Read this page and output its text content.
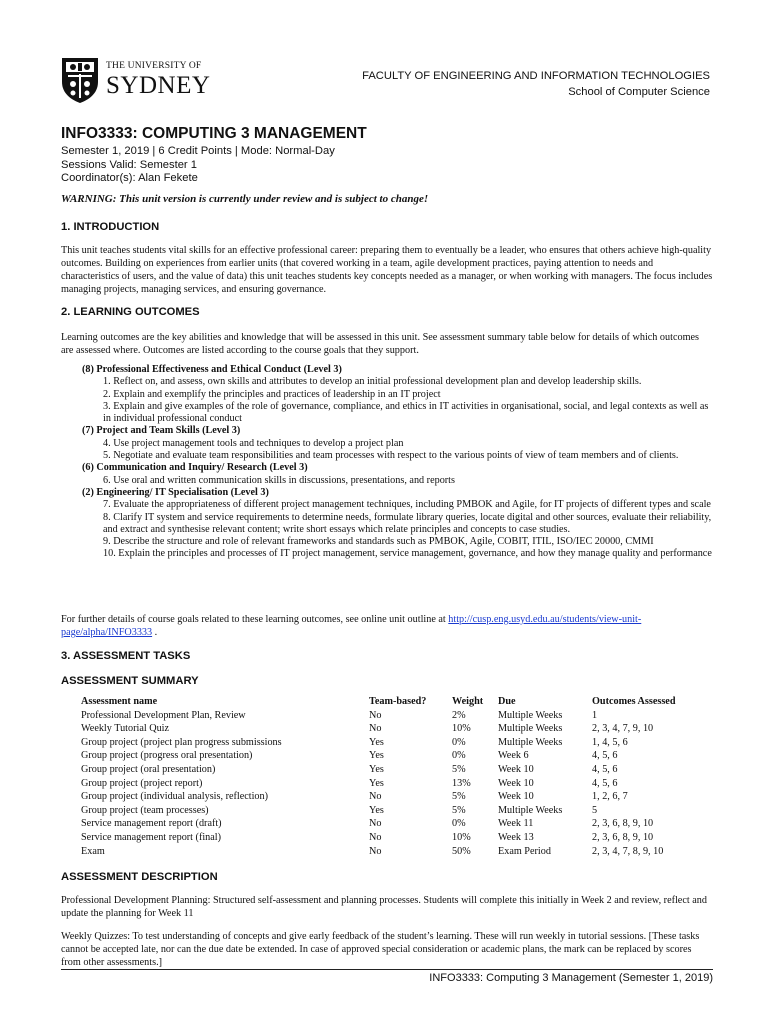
THE UNIVERSITY OF
SYDNEY	FACULTY OF ENGINEERING AND INFORMATION TECHNOLOGIES
School of Computer Science
INFO3333: COMPUTING 3 MANAGEMENT
Semester 1, 2019 | 6 Credit Points | Mode: Normal-Day
Sessions Valid: Semester 1
Coordinator(s): Alan Fekete
WARNING: This unit version is currently under review and is subject to change!
1. INTRODUCTION
This unit teaches students vital skills for an effective professional career: preparing them to eventually be a leader, who ensures that others achieve high-quality outcomes. Building on experiences from earlier units (that covered working in a team, agile development practices, paying attention to needs and characteristics of users, and the value of data) this unit teaches students key concepts needed as a manager, or when working with managers. The focus includes managing projects, managing services, and ensuring governance.
2. LEARNING OUTCOMES
Learning outcomes are the key abilities and knowledge that will be assessed in this unit. See assessment summary table below for details of which outcomes are assessed where. Outcomes are listed according to the course goals that they support.
(8) Professional Effectiveness and Ethical Conduct (Level 3)
1. Reflect on, and assess, own skills and attributes to develop an initial professional development plan and develop leadership skills.
2. Explain and exemplify the principles and practices of leadership in an IT project
3. Explain and give examples of the role of governance, compliance, and ethics in IT activities in organisational, social, and legal contexts as well as in individual professional conduct
(7) Project and Team Skills (Level 3)
4. Use project management tools and techniques to develop a project plan
5. Negotiate and evaluate team responsibilities and team processes with respect to the various points of view of team members and of clients.
(6) Communication and Inquiry/ Research (Level 3)
6. Use oral and written communication skills in discussions, presentations, and reports
(2) Engineering/ IT Specialisation (Level 3)
7. Evaluate the appropriateness of different project management techniques, including PMBOK and Agile, for IT projects of different types and scale
8. Clarify IT system and service requirements to determine needs, formulate library queries, locate digital and other sources, evaluate their reliability, and extract and synthesise relevant content; write short essays which relate principles and concepts to case studies.
9. Describe the structure and role of relevant frameworks and standards such as PMBOK, Agile, COBIT, ITIL, ISO/IEC 20000, CMMI
10. Explain the principles and processes of IT project management, service management, governance, and how they manage quality and performance
For further details of course goals related to these learning outcomes, see online unit outline at http://cusp.eng.usyd.edu.au/students/view-unit-page/alpha/INFO3333 .
3. ASSESSMENT TASKS
ASSESSMENT SUMMARY
Assessment name	Team-based?	Weight	Due	Outcomes Assessed
Professional Development Plan, Review	No	2%	Multiple Weeks	1
Weekly Tutorial Quiz	No	10%	Multiple Weeks	2, 3, 4, 7, 9, 10
Group project (project plan progress submissions	Yes	0%	Multiple Weeks	1, 4, 5, 6
Group project (progress oral presentation)	Yes	0%	Week 6	4, 5, 6
Group project (oral presentation)	Yes	5%	Week 10	4, 5, 6
Group project (project report)	Yes	13%	Week 10	4, 5, 6
Group project (individual analysis, reflection)	No	5%	Week 10	1, 2, 6, 7
Group project (team processes)	Yes	5%	Multiple Weeks	5
Service management report (draft)	No	0%	Week 11	2, 3, 6, 8, 9, 10
Service management report (final)	No	10%	Week 13	2, 3, 6, 8, 9, 10
Exam	No	50%	Exam Period	2, 3, 4, 7, 8, 9, 10
ASSESSMENT DESCRIPTION
Professional Development Planning: Structured self-assessment and planning processes. Students will complete this initially in Week 2 and review, reflect and update the planning for Week 11
Weekly Quizzes: To test understanding of concepts and give early feedback of the student’s learning. These will run weekly in tutorial sessions. [These tasks cannot be accepted late, nor can the due date be extended. In case of approved special consideration or academic plans, the mark can be replaced by scores from other assessments.]
INFO3333: Computing 3 Management (Semester 1, 2019)
